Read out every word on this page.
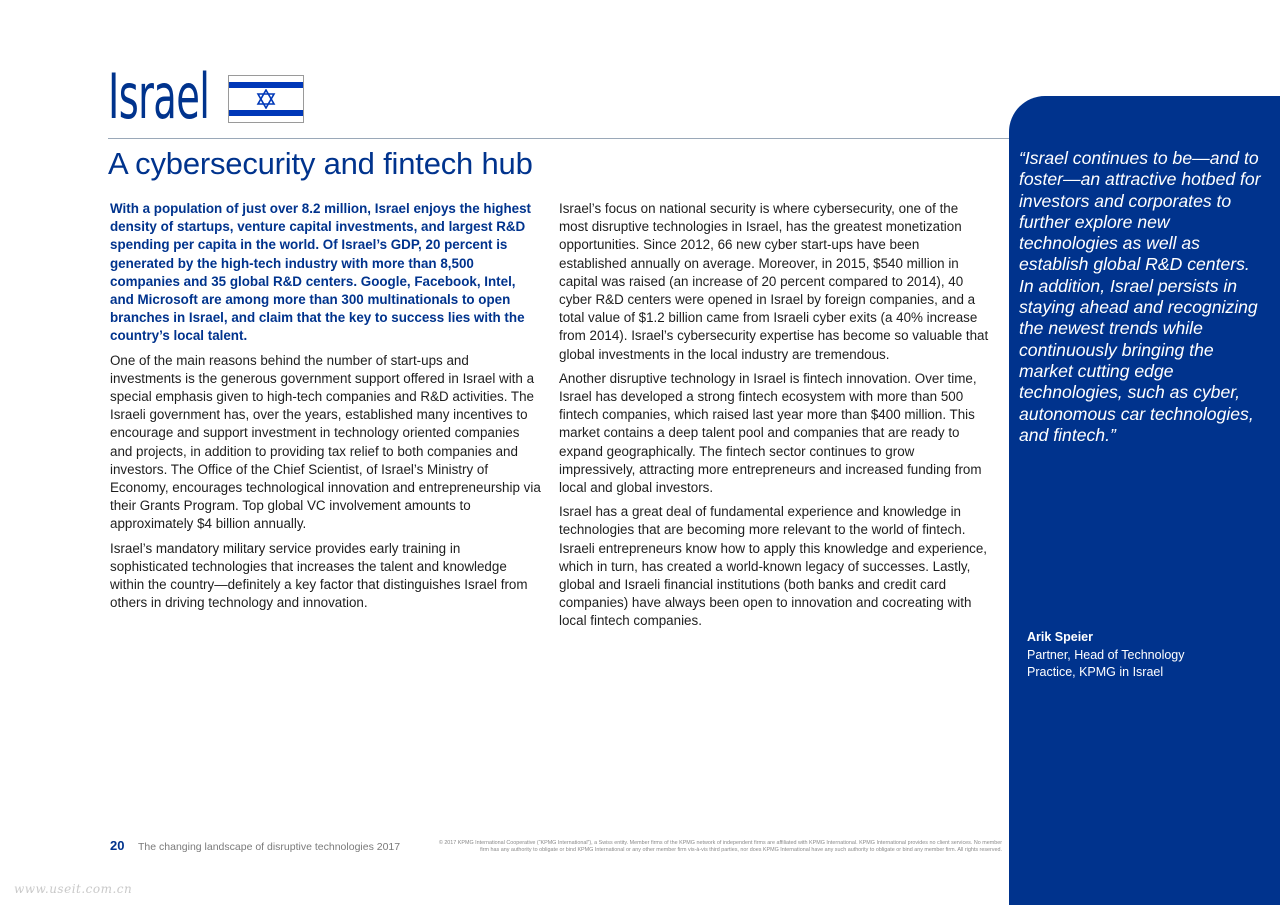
Israel
A cybersecurity and fintech hub

With a population of just over 8.2 million, Israel enjoys the highest density of startups, venture capital investments, and largest R&D spending per capita in the world. Of Israel’s GDP, 20 percent is generated by the high-tech industry with more than 8,500 companies and 35 global R&D centers. Google, Facebook, Intel, and Microsoft are among more than 300 multinationals to open branches in Israel, and claim that the key to success lies with the country’s local talent.

One of the main reasons behind the number of start-ups and investments is the generous government support offered in Israel with a special emphasis given to high-tech companies and R&D activities. The Israeli government has, over the years, established many incentives to encourage and support investment in technology oriented companies and projects, in addition to providing tax relief to both companies and investors. The Office of the Chief Scientist, of Israel’s Ministry of Economy, encourages technological innovation and entrepreneurship via their Grants Program. Top global VC involvement amounts to approximately $4 billion annually.

Israel’s mandatory military service provides early training in sophisticated technologies that increases the talent and knowledge within the country—definitely a key factor that distinguishes Israel from others in driving technology and innovation.

Israel’s focus on national security is where cybersecurity, one of the most disruptive technologies in Israel, has the greatest monetization opportunities. Since 2012, 66 new cyber start-ups have been established annually on average. Moreover, in 2015, $540 million in capital was raised (an increase of 20 percent compared to 2014), 40 cyber R&D centers were opened in Israel by foreign companies, and a total value of $1.2 billion came from Israeli cyber exits (a 40% increase from 2014). Israel’s cybersecurity expertise has become so valuable that global investments in the local industry are tremendous.

Another disruptive technology in Israel is fintech innovation. Over time, Israel has developed a strong fintech ecosystem with more than 500 fintech companies, which raised last year more than $400 million. This market contains a deep talent pool and companies that are ready to expand geographically. The fintech sector continues to grow impressively, attracting more entrepreneurs and increased funding from local and global investors.

Israel has a great deal of fundamental experience and knowledge in technologies that are becoming more relevant to the world of fintech. Israeli entrepreneurs know how to apply this knowledge and experience, which in turn, has created a world-known legacy of successes. Lastly, global and Israeli financial institutions (both banks and credit card companies) have always been open to innovation and cocreating with local fintech companies.

“Israel continues to be—and to foster—an attractive hotbed for investors and corporates to further explore new technologies as well as establish global R&D centers. In addition, Israel persists in staying ahead and recognizing the newest trends while continuously bringing the market cutting edge technologies, such as cyber, autonomous car technologies, and fintech.”
Arik Speier
Partner, Head of Technology Practice, KPMG in Israel
20 The changing landscape of disruptive technologies 2017	© 2017 KPMG International Cooperative (“KPMG International”), a Swiss entity. Member firms of the KPMG network of independent firms are affiliated with KPMG International. KPMG International provides no client services. No member firm has any authority to obligate or bind KPMG International or any other member firm vis-à-vis third parties, nor does KPMG International have any such authority to obligate or bind any member firm. All rights reserved.
www.useit.com.cn
